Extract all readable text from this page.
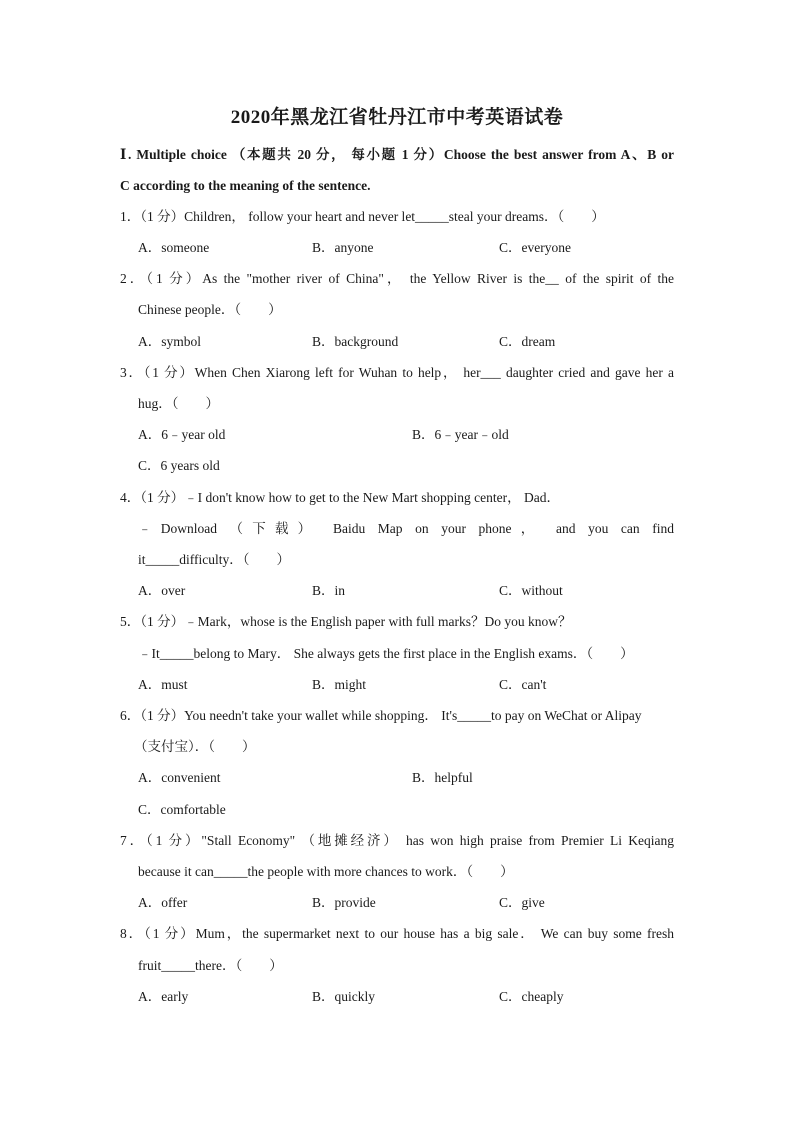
2020年黑龙江省牡丹江市中考英语试卷
Ⅰ. Multiple choice （本题共 20 分， 每小题 1 分）Choose the best answer from A、B or
C according to the meaning of the sentence.
1．（1 分）Children， follow your heart and never let_____steal your dreams．（　　）
A．someone	B．anyone	C．everyone
2．（1 分）As the "mother river of China"， the Yellow River is the__ of the spirit of the
Chinese people．（　　）
A．symbol	B．background	C．dream
3．（1 分）When Chen Xiarong left for Wuhan to help， her___ daughter cried and gave her a
hug．（　　）
A．6﹣year old	B．6﹣year﹣old
C．6 years old
4．（1 分）﹣I don't know how to get to the New Mart shopping center， Dad．
﹣Download （下载） Baidu Map on your phone， and you can find
it_____difficulty．（　　）
A．over	B．in	C．without
5．（1 分）﹣Mark，whose is the English paper with full marks？Do you know？
﹣It_____belong to Mary． She always gets the first place in the English exams．（　　）
A．must	B．might	C．can't
6．（1 分）You needn't take your wallet while shopping． It's_____to pay on WeChat or Alipay
（支付宝）．（　　）
A．convenient	B．helpful
C．comfortable
7．（1 分）"Stall Economy" （地摊经济） has won high praise from Premier Li Keqiang
because it can_____the people with more chances to work．（　　）
A．offer	B．provide	C．give
8．（1 分）Mum，the supermarket next to our house has a big sale． We can buy some fresh
fruit_____there．（　　）
A．early	B．quickly	C．cheaply
